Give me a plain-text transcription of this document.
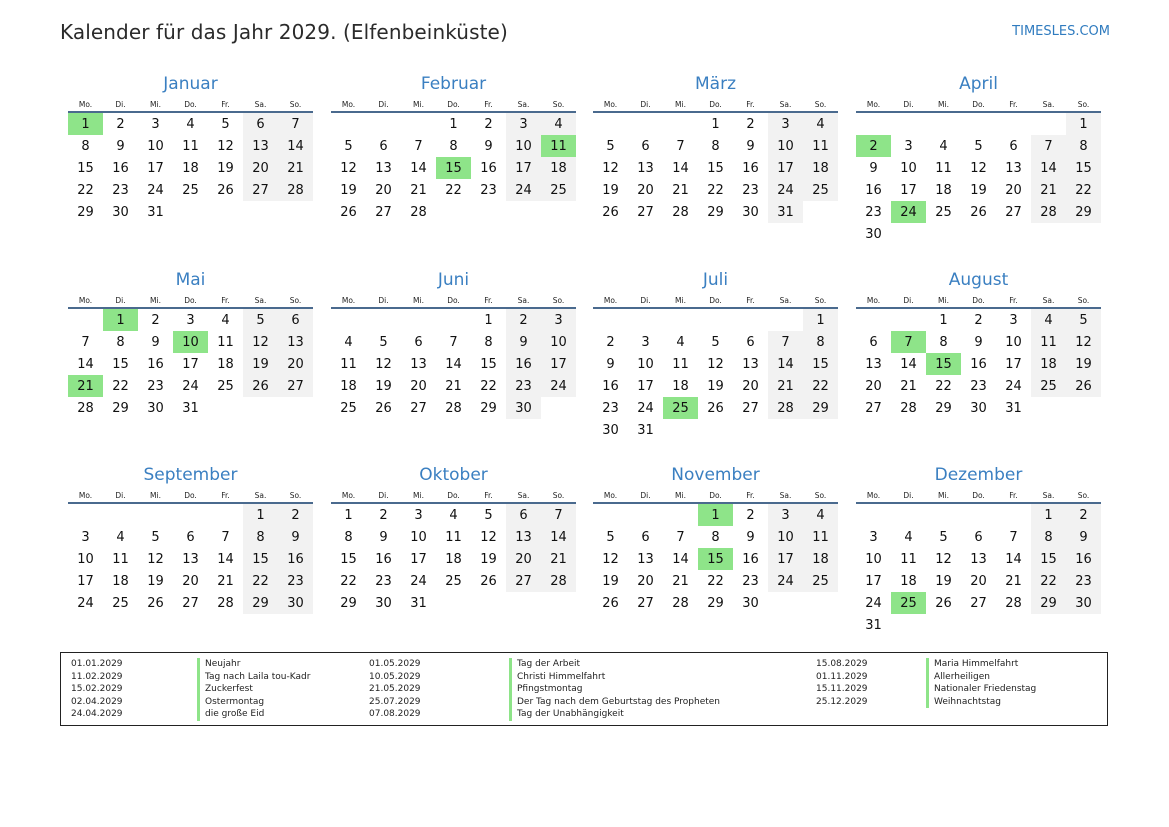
Kalender für das Jahr 2029. (Elfenbeinküste)	TIMESLES.COM
Januar
Mo.	Di.	Mi.	Do.	Fr.	Sa.	So.
1	2	3	4	5	6	7
8	9	10	11	12	13	14
15	16	17	18	19	20	21
22	23	24	25	26	27	28
29	30	31				
Februar
Mo.	Di.	Mi.	Do.	Fr.	Sa.	So.
			1	2	3	4
5	6	7	8	9	10	11
12	13	14	15	16	17	18
19	20	21	22	23	24	25
26	27	28				
März
Mo.	Di.	Mi.	Do.	Fr.	Sa.	So.
			1	2	3	4
5	6	7	8	9	10	11
12	13	14	15	16	17	18
19	20	21	22	23	24	25
26	27	28	29	30	31	
April
Mo.	Di.	Mi.	Do.	Fr.	Sa.	So.
						1
2	3	4	5	6	7	8
9	10	11	12	13	14	15
16	17	18	19	20	21	22
23	24	25	26	27	28	29
30						
Mai
Mo.	Di.	Mi.	Do.	Fr.	Sa.	So.
	1	2	3	4	5	6
7	8	9	10	11	12	13
14	15	16	17	18	19	20
21	22	23	24	25	26	27
28	29	30	31			
Juni
Mo.	Di.	Mi.	Do.	Fr.	Sa.	So.
				1	2	3
4	5	6	7	8	9	10
11	12	13	14	15	16	17
18	19	20	21	22	23	24
25	26	27	28	29	30	
Juli
Mo.	Di.	Mi.	Do.	Fr.	Sa.	So.
						1
2	3	4	5	6	7	8
9	10	11	12	13	14	15
16	17	18	19	20	21	22
23	24	25	26	27	28	29
30	31					
August
Mo.	Di.	Mi.	Do.	Fr.	Sa.	So.
		1	2	3	4	5
6	7	8	9	10	11	12
13	14	15	16	17	18	19
20	21	22	23	24	25	26
27	28	29	30	31		
September
Mo.	Di.	Mi.	Do.	Fr.	Sa.	So.
					1	2
3	4	5	6	7	8	9
10	11	12	13	14	15	16
17	18	19	20	21	22	23
24	25	26	27	28	29	30
Oktober
Mo.	Di.	Mi.	Do.	Fr.	Sa.	So.
1	2	3	4	5	6	7
8	9	10	11	12	13	14
15	16	17	18	19	20	21
22	23	24	25	26	27	28
29	30	31				
November
Mo.	Di.	Mi.	Do.	Fr.	Sa.	So.
			1	2	3	4
5	6	7	8	9	10	11
12	13	14	15	16	17	18
19	20	21	22	23	24	25
26	27	28	29	30		
Dezember
Mo.	Di.	Mi.	Do.	Fr.	Sa.	So.
					1	2
3	4	5	6	7	8	9
10	11	12	13	14	15	16
17	18	19	20	21	22	23
24	25	26	27	28	29	30
31						
01.01.2029	Neujahr
11.02.2029	Tag nach Laila tou-Kadr
15.02.2029	Zuckerfest
02.04.2029	Ostermontag
24.04.2029	die große Eid
01.05.2029	Tag der Arbeit
10.05.2029	Christi Himmelfahrt
21.05.2029	Pfingstmontag
25.07.2029	Der Tag nach dem Geburtstag des Propheten
07.08.2029	Tag der Unabhängigkeit
15.08.2029	Maria Himmelfahrt
01.11.2029	Allerheiligen
15.11.2029	Nationaler Friedenstag
25.12.2029	Weihnachtstag
